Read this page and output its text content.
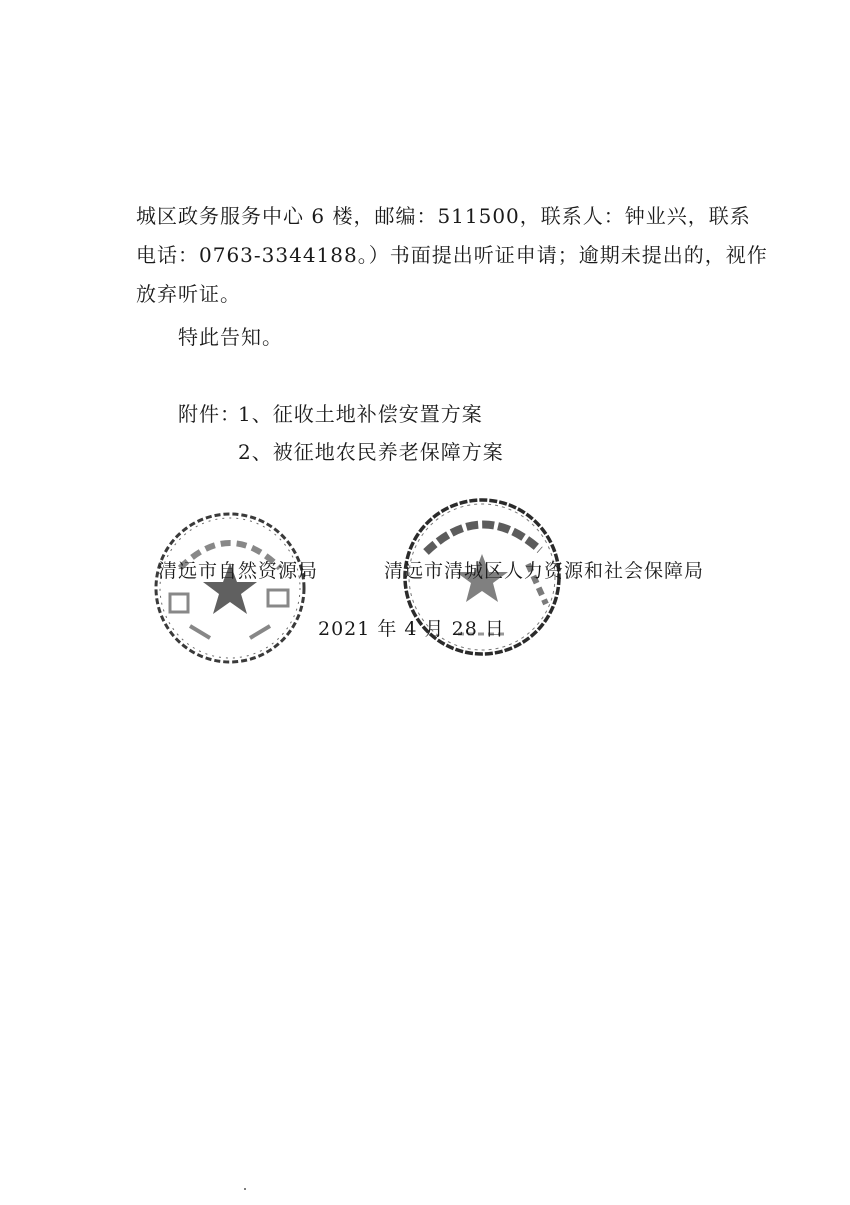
城区政务服务中心 6 楼，邮编：511500，联系人：钟业兴，联系
电话：0763-3344188。）书面提出听证申请；逾期未提出的，视作
放弃听证。
特此告知。
附件：
1、征收土地补偿安置方案
2、被征地农民养老保障方案
清远市自然资源局	清远市清城区人力资源和社会保障局
2021 年 4 月 28 日
